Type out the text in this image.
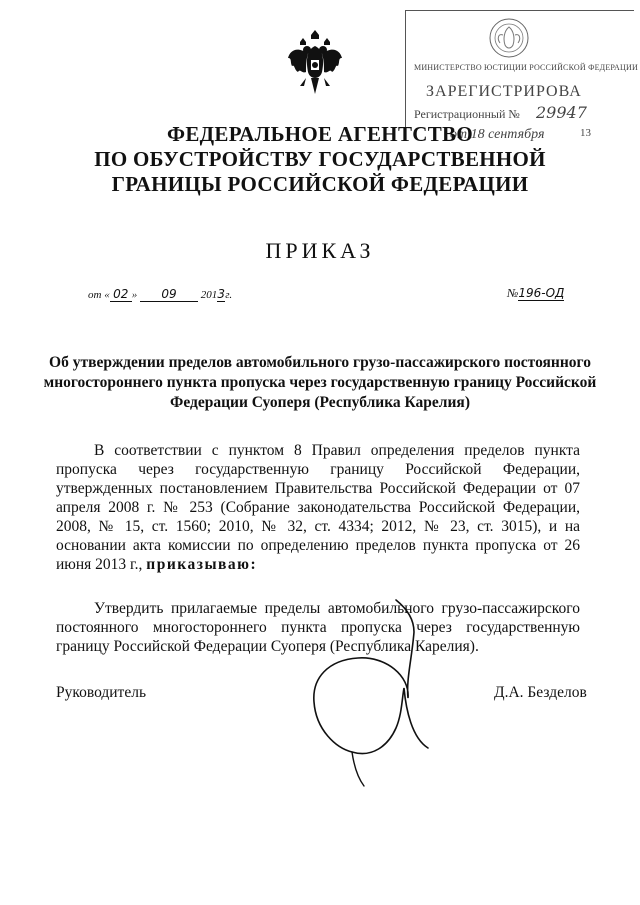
МИНИСТЕРСТВО ЮСТИЦИИ РОССИЙСКОЙ ФЕДЕРАЦИИ
ЗАРЕГИСТРИРОВА
Регистрационный № 29947
от 18 сентября	13
ФЕДЕРАЛЬНОЕ АГЕНТСТВО
ПО ОБУСТРОЙСТВУ ГОСУДАРСТВЕННОЙ
ГРАНИЦЫ РОССИЙСКОЙ ФЕДЕРАЦИИ
ПРИКАЗ
от « 02 » 09 2013г.	№196-ОД
Об утверждении пределов автомобильного грузо-пассажирского постоянного многостороннего пункта пропуска через государственную границу Российской Федерации Суоперя (Республика Карелия)
В соответствии с пунктом 8 Правил определения пределов пункта пропуска через государственную границу Российской Федерации, утвержденных постановлением Правительства Российской Федерации от 07 апреля 2008 г. № 253 (Собрание законодательства Российской Федерации, 2008, № 15, ст. 1560; 2010, № 32, ст. 4334; 2012, № 23, ст. 3015), и на основании акта комиссии по определению пределов пункта пропуска от 26 июня 2013 г., приказываю:
Утвердить прилагаемые пределы автомобильного грузо-пассажирского постоянного многостороннего пункта пропуска через государственную границу Российской Федерации Суоперя (Республика Карелия).
Руководитель	Д.А. Безделов
